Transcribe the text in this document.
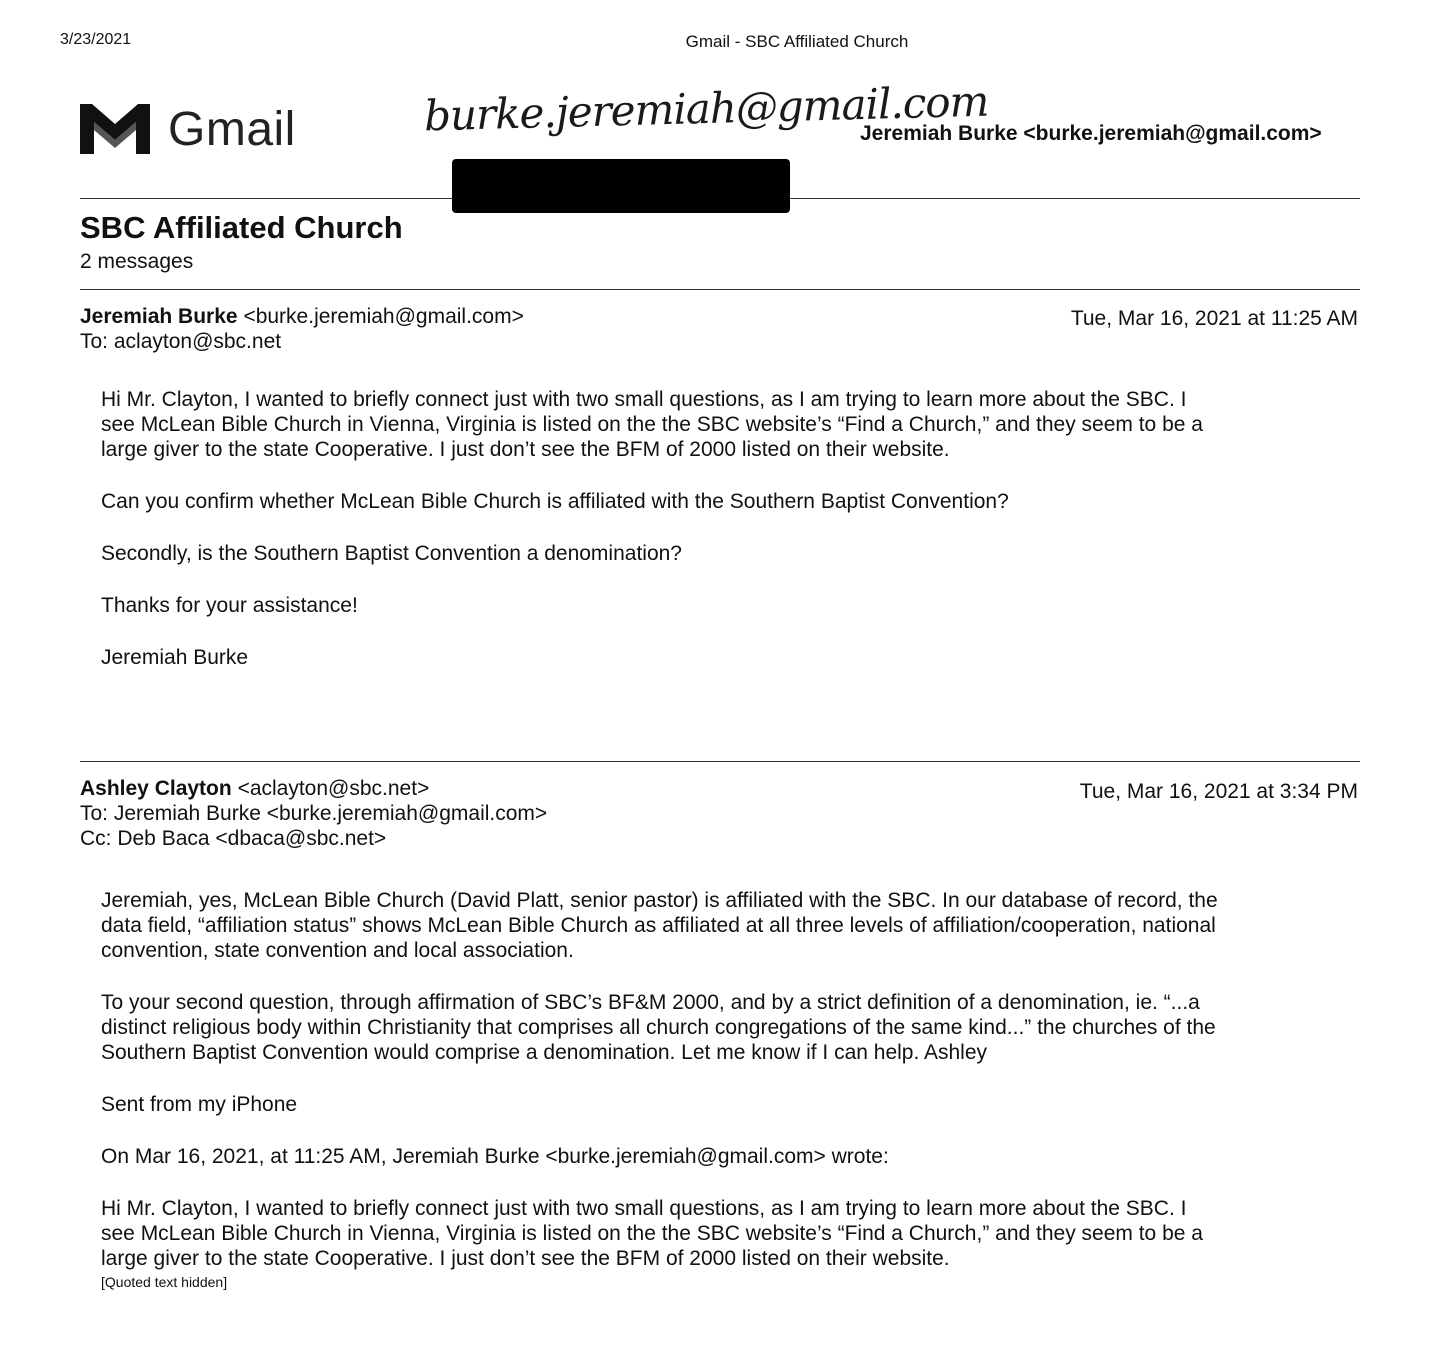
3/23/2021	Gmail - SBC Affiliated Church
Gmail	burke.jeremiah@gmail.com
Jeremiah Burke <burke.jeremiah@gmail.com>
SBC Affiliated Church
2 messages
Jeremiah Burke <burke.jeremiah@gmail.com>
To: aclayton@sbc.net
Tue, Mar 16, 2021 at 11:25 AM

Hi Mr. Clayton, I wanted to briefly connect just with two small questions, as I am trying to learn more about the SBC. I

see McLean Bible Church in Vienna, Virginia is listed on the the SBC website’s “Find a Church,” and they seem to be a

large giver to the state Cooperative. I just don’t see the BFM of 2000 listed on their website.

Can you confirm whether McLean Bible Church is affiliated with the Southern Baptist Convention?

Secondly, is the Southern Baptist Convention a denomination?

Thanks for your assistance!

Jeremiah Burke

Ashley Clayton <aclayton@sbc.net>
To: Jeremiah Burke <burke.jeremiah@gmail.com>
Cc: Deb Baca <dbaca@sbc.net>
Tue, Mar 16, 2021 at 3:34 PM

Jeremiah, yes, McLean Bible Church (David Platt, senior pastor) is affiliated with the SBC. In our database of record, the

data field, “affiliation status” shows McLean Bible Church as affiliated at all three levels of affiliation/cooperation, national

convention, state convention and local association.

To your second question, through affirmation of SBC’s BF&M 2000, and by a strict definition of a denomination, ie. “...a

distinct religious body within Christianity that comprises all church congregations of the same kind...” the churches of the

Southern Baptist Convention would comprise a denomination. Let me know if I can help. Ashley

Sent from my iPhone

On Mar 16, 2021, at 11:25 AM, Jeremiah Burke <burke.jeremiah@gmail.com> wrote:

Hi Mr. Clayton, I wanted to briefly connect just with two small questions, as I am trying to learn more about the SBC. I

see McLean Bible Church in Vienna, Virginia is listed on the the SBC website’s “Find a Church,” and they seem to be a

large giver to the state Cooperative. I just don’t see the BFM of 2000 listed on their website.

[Quoted text hidden]
